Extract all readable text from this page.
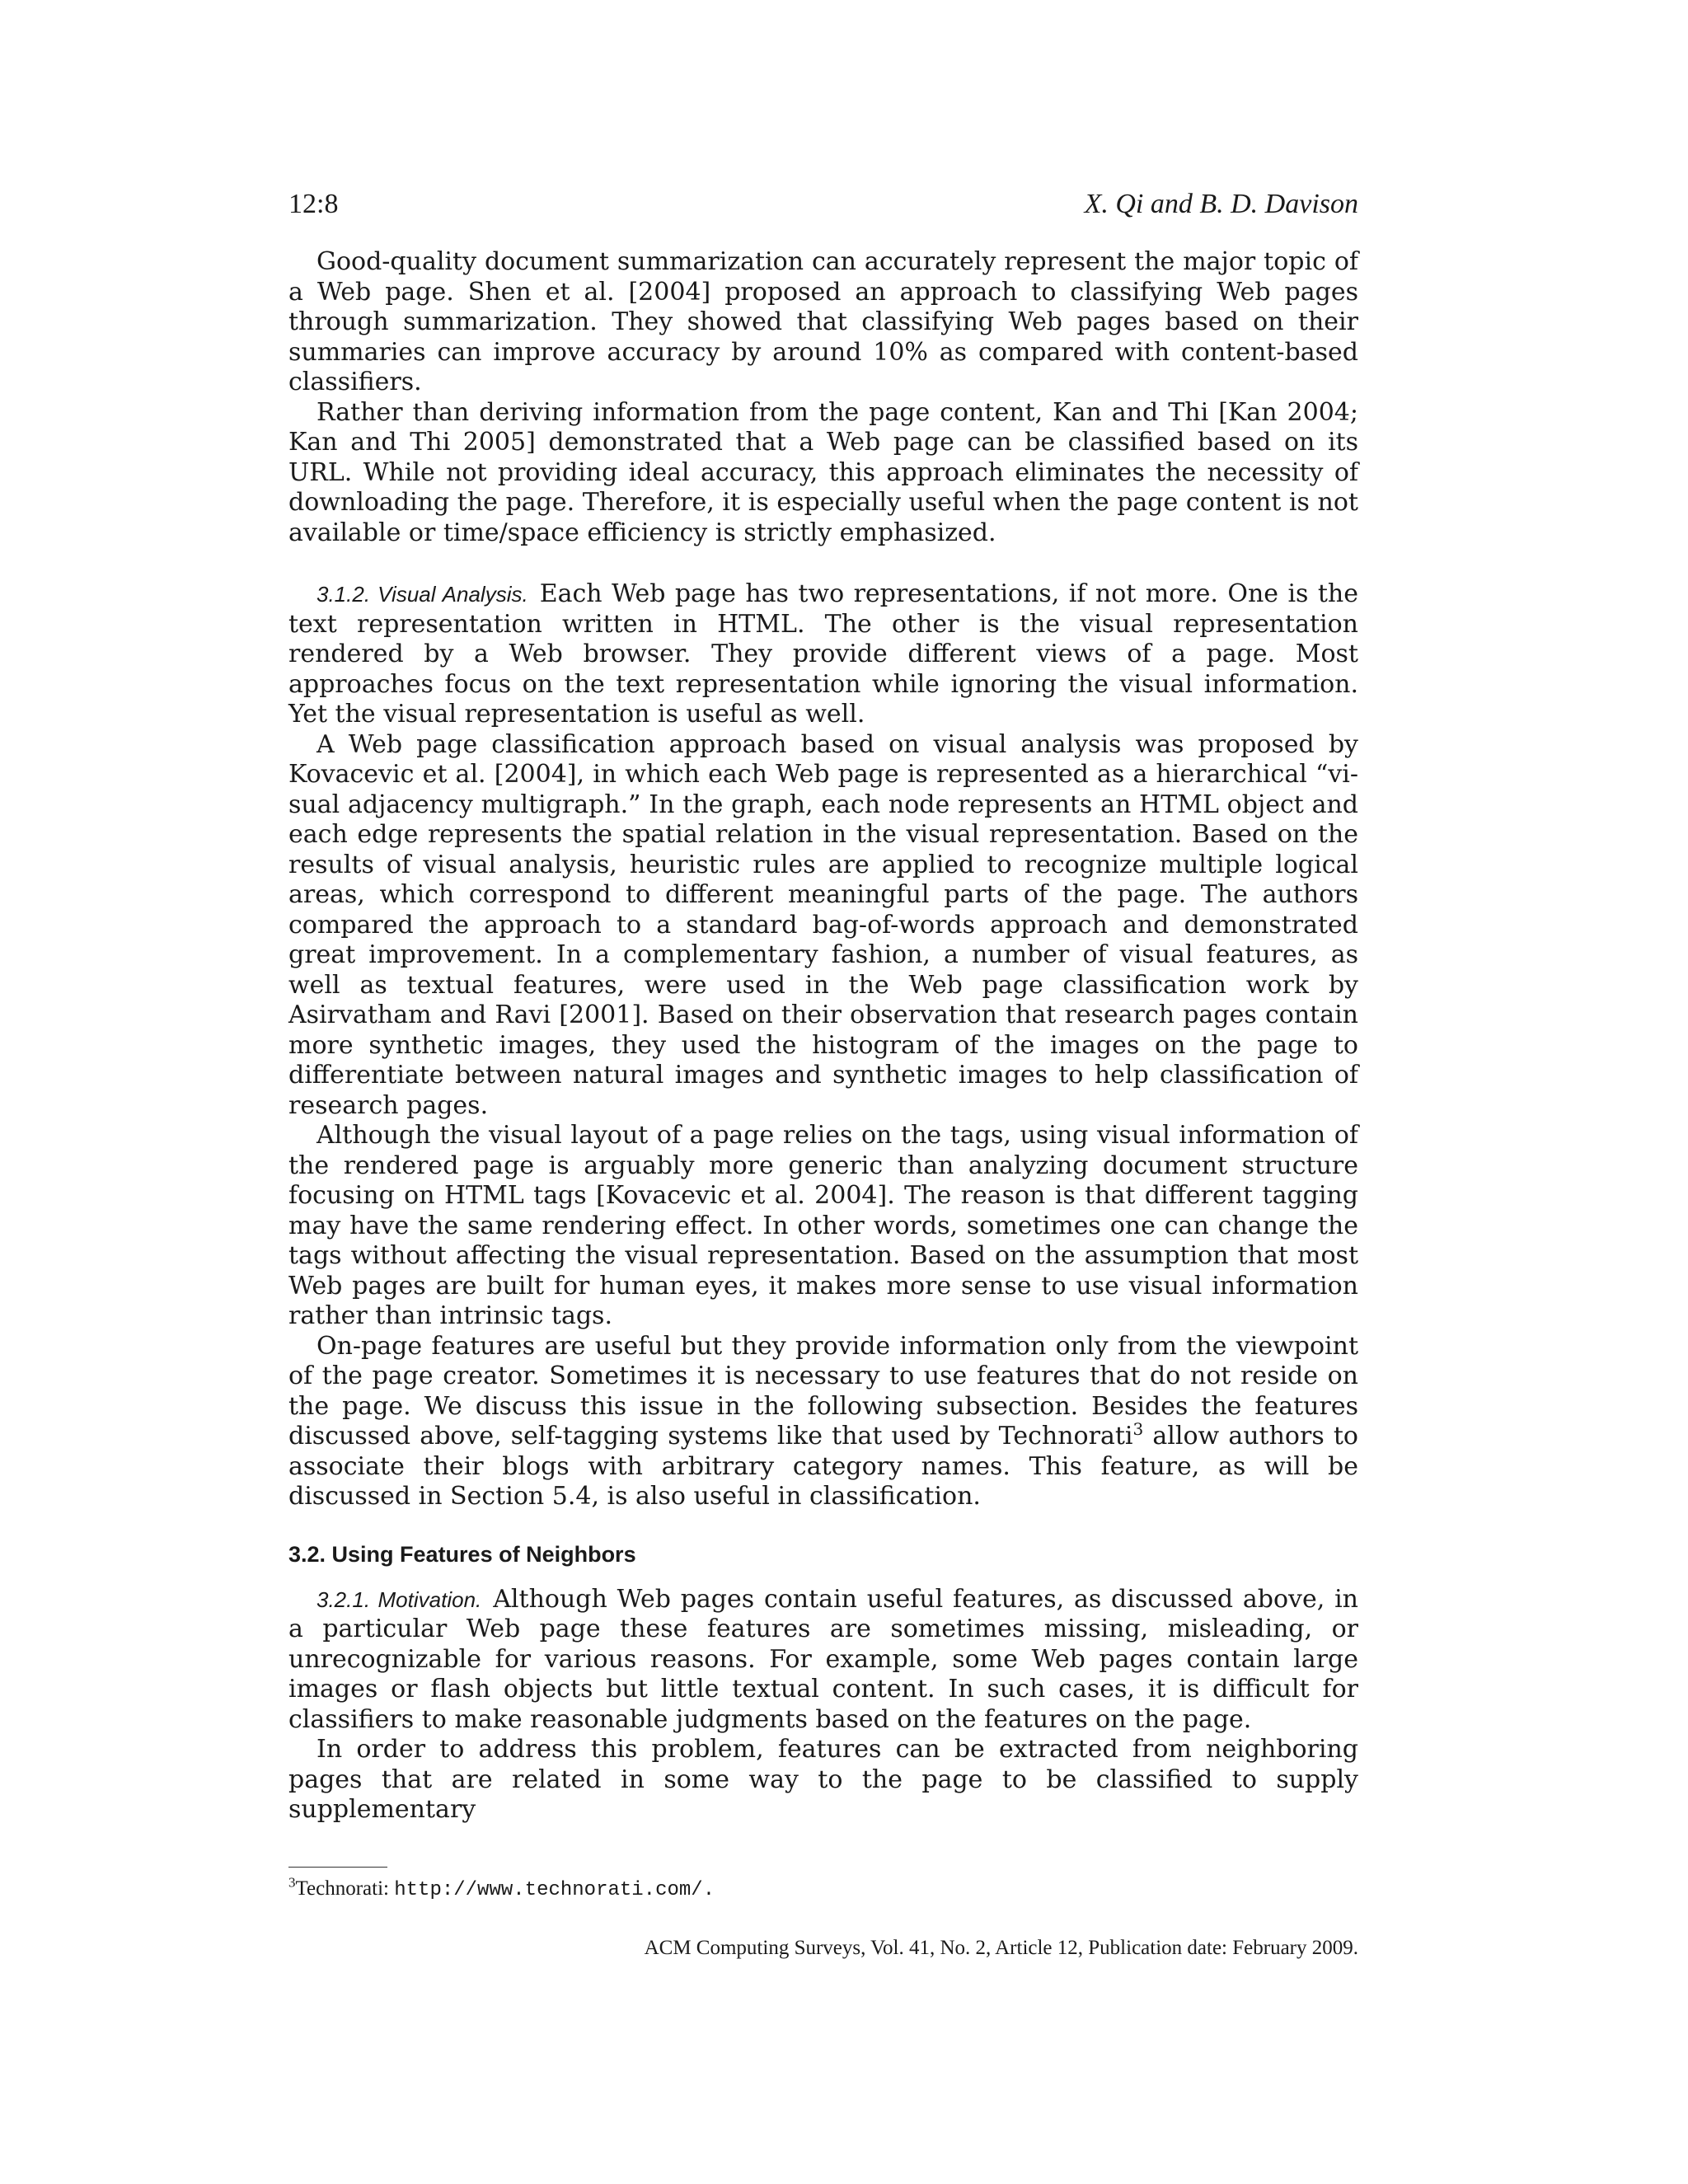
12:8	X. Qi and B. D. Davison

Good-quality document summarization can accurately represent the major topic of a Web page. Shen et al. [2004] proposed an approach to classifying Web pages through summarization. They showed that classifying Web pages based on their summaries can improve accuracy by around 10% as compared with content-based classifiers.

Rather than deriving information from the page content, Kan and Thi [Kan 2004; Kan and Thi 2005] demonstrated that a Web page can be classified based on its URL. While not providing ideal accuracy, this approach eliminates the necessity of downloading the page. Therefore, it is especially useful when the page content is not available or time/space efficiency is strictly emphasized.

3.1.2. Visual Analysis. Each Web page has two representations, if not more. One is the text representation written in HTML. The other is the visual representation rendered by a Web browser. They provide different views of a page. Most approaches focus on the text representation while ignoring the visual information. Yet the visual representation is useful as well.

A Web page classification approach based on visual analysis was proposed by Kovacevic et al. [2004], in which each Web page is represented as a hierarchical “visual adjacency multigraph.” In the graph, each node represents an HTML object and each edge represents the spatial relation in the visual representation. Based on the results of visual analysis, heuristic rules are applied to recognize multiple logical areas, which correspond to different meaningful parts of the page. The authors compared the approach to a standard bag-of-words approach and demonstrated great improvement. In a complementary fashion, a number of visual features, as well as textual features, were used in the Web page classification work by Asirvatham and Ravi [2001]. Based on their observation that research pages contain more synthetic images, they used the histogram of the images on the page to differentiate between natural images and synthetic images to help classification of research pages.

Although the visual layout of a page relies on the tags, using visual information of the rendered page is arguably more generic than analyzing document structure focusing on HTML tags [Kovacevic et al. 2004]. The reason is that different tagging may have the same rendering effect. In other words, sometimes one can change the tags without affecting the visual representation. Based on the assumption that most Web pages are built for human eyes, it makes more sense to use visual information rather than intrinsic tags.

On-page features are useful but they provide information only from the viewpoint of the page creator. Sometimes it is necessary to use features that do not reside on the page. We discuss this issue in the following subsection. Besides the features discussed above, self-tagging systems like that used by Technorati$^3$ allow authors to associate their blogs with arbitrary category names. This feature, as will be discussed in Section 5.4, is also useful in classification.

3.2. Using Features of Neighbors

3.2.1. Motivation. Although Web pages contain useful features, as discussed above, in a particular Web page these features are sometimes missing, misleading, or unrecognizable for various reasons. For example, some Web pages contain large images or flash objects but little textual content. In such cases, it is difficult for classifiers to make reasonable judgments based on the features on the page.

In order to address this problem, features can be extracted from neighboring pages that are related in some way to the page to be classified to supply supplementary

$^3$Technorati: http://www.technorati.com/.
ACM Computing Surveys, Vol. 41, No. 2, Article 12, Publication date: February 2009.
